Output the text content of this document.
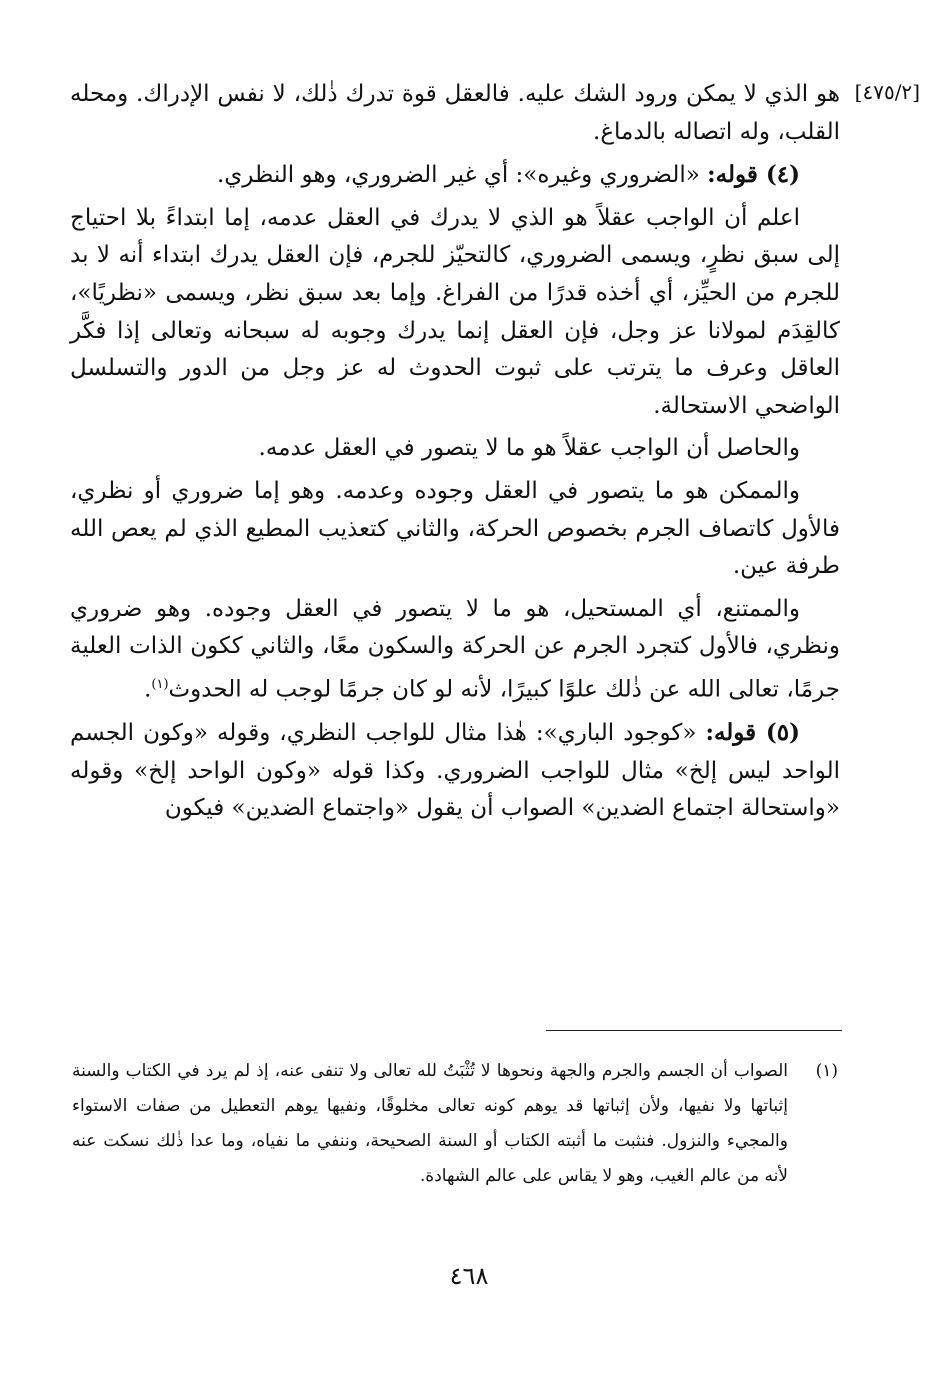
[٤٧٥/٢]

هو الذي لا يمكن ورود الشك عليه. فالعقل قوة تدرك ذٰلك، لا نفس الإدراك. ومحله القلب، وله اتصاله بالدماغ.

(٤) قوله: «الضروري وغيره»: أي غير الضروري، وهو النظري.

اعلم أن الواجب عقلاً هو الذي لا يدرك في العقل عدمه، إما ابتداءً بلا احتياج إلى سبق نظرٍ، ويسمى الضروري، كالتحيّز للجرم، فإن العقل يدرك ابتداء أنه لا بد للجرم من الحيِّز، أي أخذه قدرًا من الفراغ. وإما بعد سبق نظر، ويسمى «نظريًا»، كالقِدَم لمولانا عز وجل، فإن العقل إنما يدرك وجوبه له سبحانه وتعالى إذا فكَّر العاقل وعرف ما يترتب على ثبوت الحدوث له عز وجل من الدور والتسلسل الواضحي الاستحالة.

والحاصل أن الواجب عقلاً هو ما لا يتصور في العقل عدمه.

والممكن هو ما يتصور في العقل وجوده وعدمه. وهو إما ضروري أو نظري، فالأول كاتصاف الجرم بخصوص الحركة، والثاني كتعذيب المطيع الذي لم يعص الله طرفة عين.

والممتنع، أي المستحيل، هو ما لا يتصور في العقل وجوده. وهو ضروري ونظري، فالأول كتجرد الجرم عن الحركة والسكون معًا، والثاني ككون الذات العلية جرمًا، تعالى الله عن ذٰلك علوًا كبيرًا، لأنه لو كان جرمًا لوجب له الحدوث$^{(١)}$.

(٥) قوله: «كوجود الباري»: هٰذا مثال للواجب النظري، وقوله «وكون الجسم الواحد ليس إلخ» مثال للواجب الضروري. وكذا قوله «وكون الواحد إلخ» وقوله «واستحالة اجتماع الضدين» الصواب أن يقول «واجتماع الضدين» فيكون

(١)
الصواب أن الجسم والجرم والجهة ونحوها لا تُثْبَتُ لله تعالى ولا تنفى عنه، إذ لم يرد في الكتاب والسنة إثباتها ولا نفيها، ولأن إثباتها قد يوهم كونه تعالى مخلوقًا، ونفيها يوهم التعطيل من صفات الاستواء والمجيء والنزول. فنثبت ما أثبته الكتاب أو السنة الصحيحة، وننفي ما نفياه، وما عدا ذٰلك نسكت عنه لأنه من عالم الغيب، وهو لا يقاس على عالم الشهادة.
٤٦٨
